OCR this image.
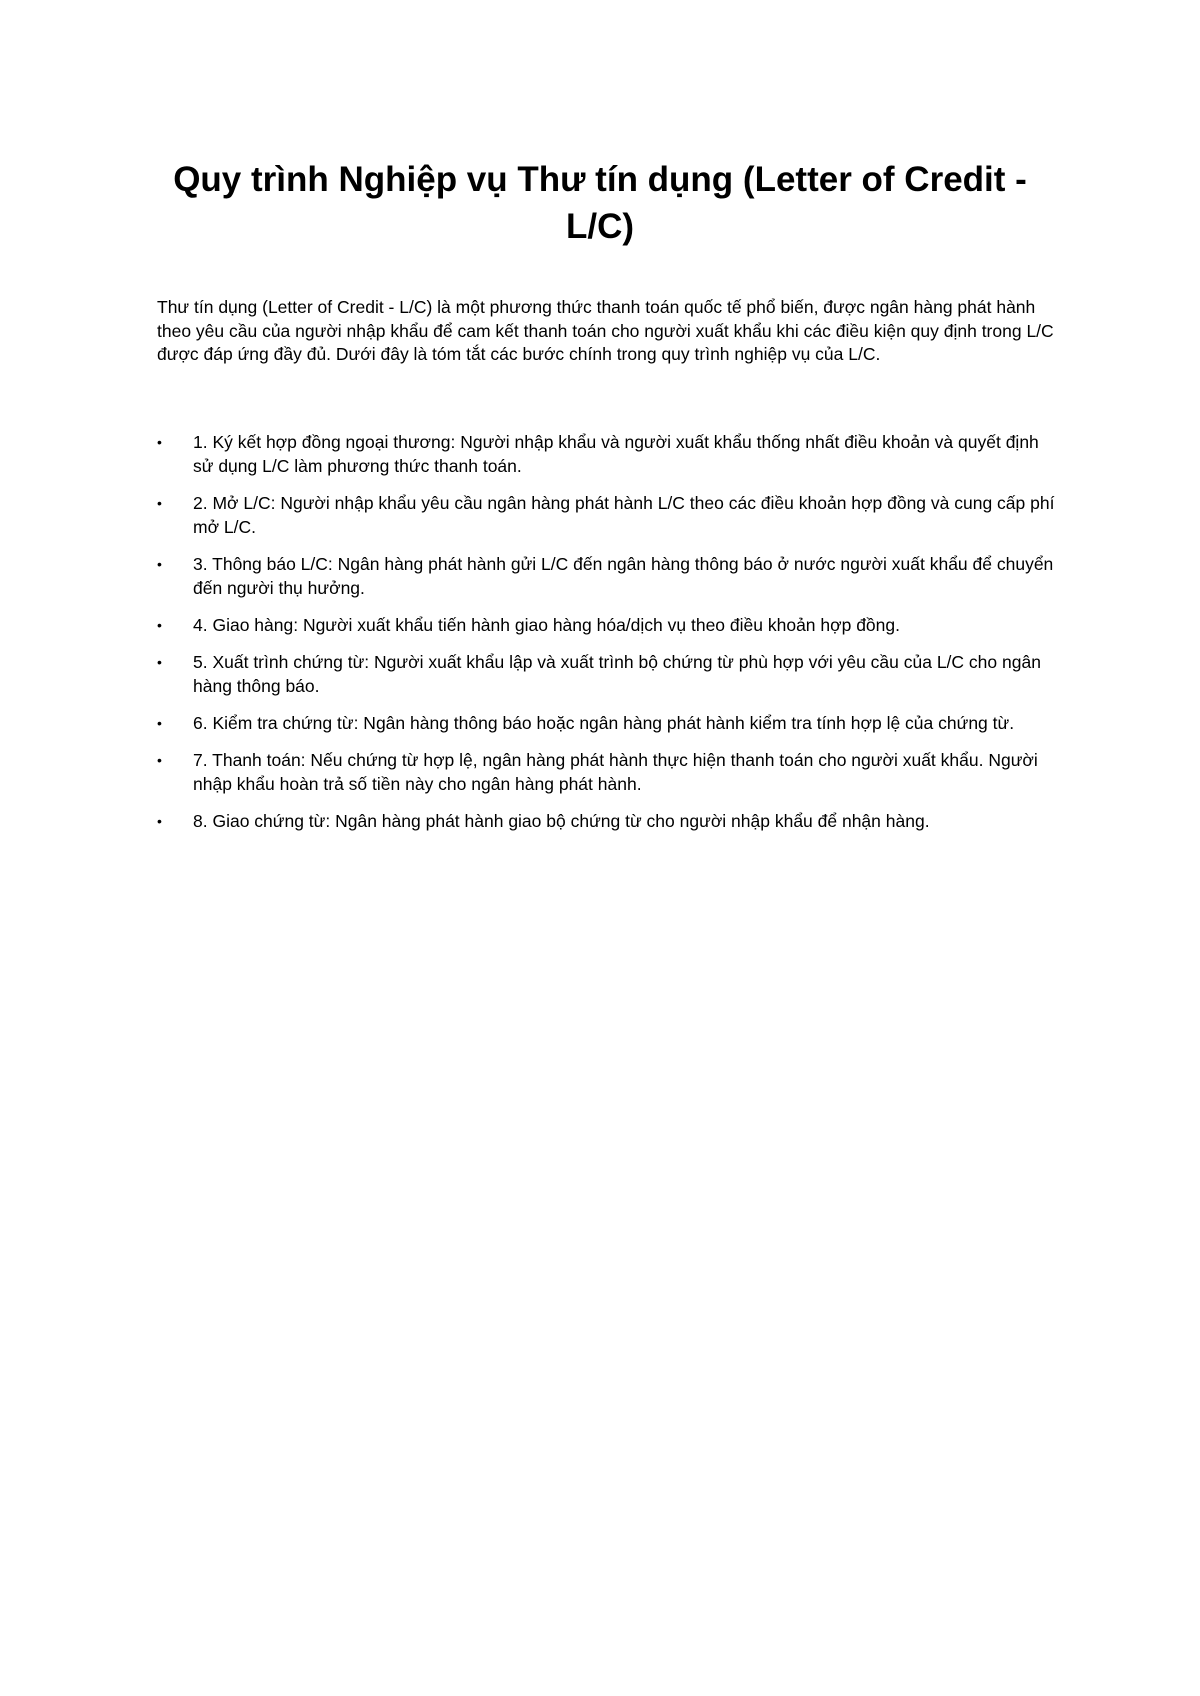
Quy trình Nghiệp vụ Thư tín dụng (Letter of Credit - L/C)

Thư tín dụng (Letter of Credit - L/C) là một phương thức thanh toán quốc tế phổ biến, được ngân hàng phát hành theo yêu cầu của người nhập khẩu để cam kết thanh toán cho người xuất khẩu khi các điều kiện quy định trong L/C được đáp ứng đầy đủ. Dưới đây là tóm tắt các bước chính trong quy trình nghiệp vụ của L/C.

• 1. Ký kết hợp đồng ngoại thương: Người nhập khẩu và người xuất khẩu thống nhất điều khoản và quyết định sử dụng L/C làm phương thức thanh toán.
• 2. Mở L/C: Người nhập khẩu yêu cầu ngân hàng phát hành L/C theo các điều khoản hợp đồng và cung cấp phí mở L/C.
• 3. Thông báo L/C: Ngân hàng phát hành gửi L/C đến ngân hàng thông báo ở nước người xuất khẩu để chuyển đến người thụ hưởng.
• 4. Giao hàng: Người xuất khẩu tiến hành giao hàng hóa/dịch vụ theo điều khoản hợp đồng.
• 5. Xuất trình chứng từ: Người xuất khẩu lập và xuất trình bộ chứng từ phù hợp với yêu cầu của L/C cho ngân hàng thông báo.
• 6. Kiểm tra chứng từ: Ngân hàng thông báo hoặc ngân hàng phát hành kiểm tra tính hợp lệ của chứng từ.
• 7. Thanh toán: Nếu chứng từ hợp lệ, ngân hàng phát hành thực hiện thanh toán cho người xuất khẩu. Người nhập khẩu hoàn trả số tiền này cho ngân hàng phát hành.
• 8. Giao chứng từ: Ngân hàng phát hành giao bộ chứng từ cho người nhập khẩu để nhận hàng.
